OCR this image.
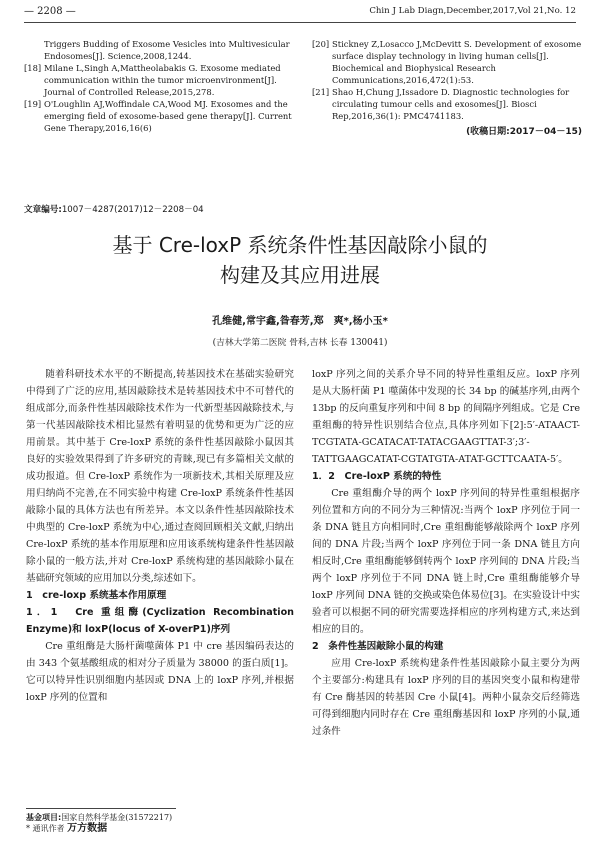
— 2208 —	Chin J Lab Diagn,December,2017,Vol 21,No. 12
Triggers Budding of Exosome Vesicles into Multivesicular Endosomes[J]. Science,2008,1244.
[18] Milane L,Singh A,Mattheolabakis G. Exosome mediated communication within the tumor microenvironment[J]. Journal of Controlled Release,2015,278.
[19] O'Loughlin AJ,Woffindale CA,Wood MJ. Exosomes and the emerging field of exosome-based gene therapy[J]. Current Gene Therapy,2016,16(6)
[20] Stickney Z,Losacco J,McDevitt S. Development of exosome surface display technology in living human cells[J]. Biochemical and Biophysical Research Communications,2016,472(1):53.
[21] Shao H,Chung J,Issadore D. Diagnostic technologies for circulating tumour cells and exosomes[J]. Biosci Rep,2016,36(1): PMC4741183.
(收稿日期:2017－04－15)
文章编号:1007－4287(2017)12－2208－04
基于 Cre-loxP 系统条件性基因敲除小鼠的
构建及其应用进展
孔维健,常宇鑫,昝春芳,郑　爽*,杨小玉*
(吉林大学第二医院 骨科,吉林 长春 130041)

随着科研技术水平的不断提高,转基因技术在基础实验研究中得到了广泛的应用,基因敲除技术是转基因技术中不可替代的组成部分,而条件性基因敲除技术作为一代新型基因敲除技术,与第一代基因敲除技术相比显然有着明显的优势和更为广泛的应用前景。其中基于 Cre-loxP 系统的条件性基因敲除小鼠因其良好的实验效果得到了许多研究的青睐,现已有多篇相关文献的成功报道。但 Cre-loxP 系统作为一项新技术,其相关原理及应用归纳尚不完善,在不同实验中构建 Cre-loxP 系统条件性基因敲除小鼠的具体方法也有所差异。本文以条件性基因敲除技术中典型的 Cre-loxP 系统为中心,通过查阅回顾相关文献,归纳出 Cre-loxP 系统的基本作用原理和应用该系统构建条件性基因敲除小鼠的一般方法,并对 Cre-loxP 系统构建的基因敲除小鼠在基础研究领域的应用加以分类,综述如下。

1　cre-loxp 系统基本作用原理

1．1　Cre 重组酶(Cyclization Recombination Enzyme)和 loxP(locus of X-overP1)序列

Cre 重组酶是大肠杆菌噬菌体 P1 中 cre 基因编码表达的由 343 个氨基酸组成的相对分子质量为 38000 的蛋白质[1]。它可以特异性识别细胞内基因或 DNA 上的 loxP 序列,并根据 loxP 序列的位置和

loxP 序列之间的关系介导不同的特异性重组反应。loxP 序列是从大肠杆菌 P1 噬菌体中发现的长 34 bp 的碱基序列,由两个 13bp 的反向重复序列和中间 8 bp 的间隔序列组成。它是 Cre 重组酶的特异性识别结合位点,具体序列如下[2]:5′-ATAACT-TCGTATA-GCATACAT-TATACGAAGTTAT-3′;3′-TATTGAAGCATAT-CGTATGTA-ATAT-GCTTCAATA-5′。

1．2　Cre-loxP 系统的特性

Cre 重组酶介导的两个 loxP 序列间的特异性重组根据序列位置和方向的不同分为三种情况:当两个 loxP 序列位于同一条 DNA 链且方向相同时,Cre 重组酶能够敲除两个 loxP 序列间的 DNA 片段;当两个 loxP 序列位于同一条 DNA 链且方向相反时,Cre 重组酶能够倒转两个 loxP 序列间的 DNA 片段;当两个 loxP 序列位于不同 DNA 链上时,Cre 重组酶能够介导 loxP 序列间 DNA 链的交换或染色体易位[3]。在实验设计中实验者可以根据不同的研究需要选择相应的序列构建方式,来达到相应的目的。

2　条件性基因敲除小鼠的构建

应用 Cre-loxP 系统构建条件性基因敲除小鼠主要分为两个主要部分:构建具有 loxP 序列的目的基因突变小鼠和构建带有 Cre 酶基因的转基因 Cre 小鼠[4]。两种小鼠杂交后经筛选可得到细胞内同时存在 Cre 重组酶基因和 loxP 序列的小鼠,通过条件

基金项目:国家自然科学基金(31572217)
* 通讯作者 万方数据
